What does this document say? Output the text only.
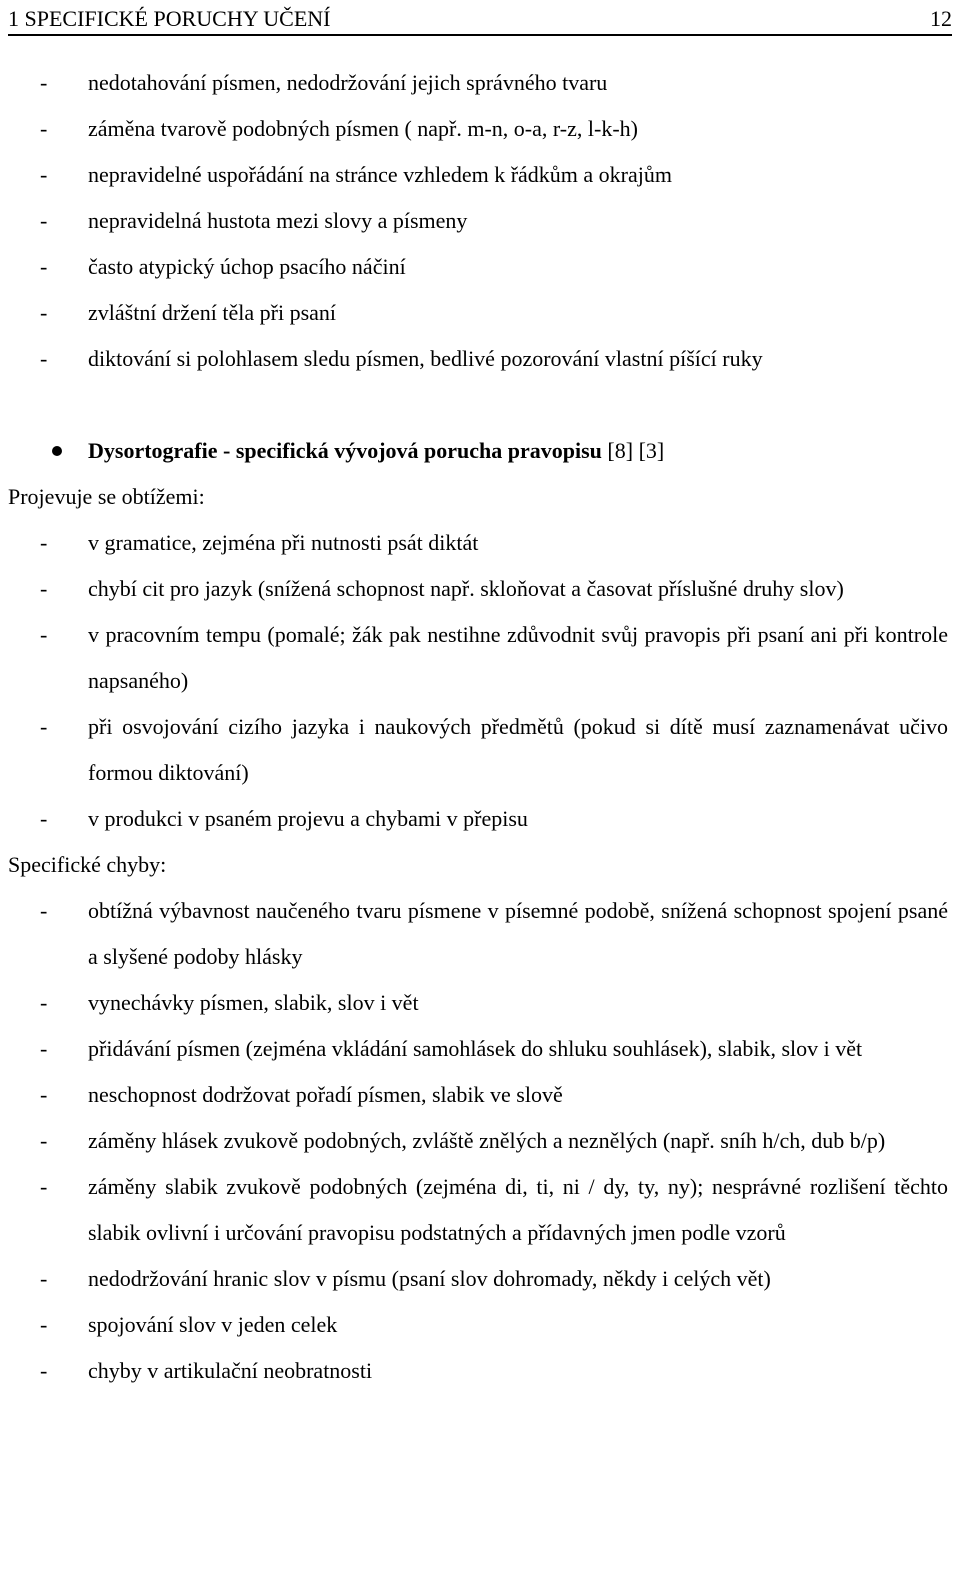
1 SPECIFICKÉ PORUCHY UČENÍ	12
- nedotahování písmen, nedodržování jejich správného tvaru
- záměna tvarově podobných písmen ( např. m-n, o-a, r-z, l-k-h)
- nepravidelné uspořádání na stránce vzhledem k řádkům a okrajům
- nepravidelná hustota mezi slovy a písmeny
- často atypický úchop psacího náčiní
- zvláštní držení těla při psaní
- diktování si polohlasem sledu písmen, bedlivé pozorování vlastní píšící ruky
Dysortografie - specifická vývojová porucha pravopisu [8] [3]
Projevuje se obtížemi:
- v gramatice, zejména při nutnosti psát diktát
- chybí cit pro jazyk (snížená schopnost např. skloňovat a časovat příslušné druhy slov)
- v pracovním tempu (pomalé; žák pak nestihne zdůvodnit svůj pravopis při psaní ani při kontrole napsaného)
- při osvojování cizího jazyka i naukových předmětů (pokud si dítě musí zaznamenávat učivo formou diktování)
- v produkci v psaném projevu a chybami v přepisu
Specifické chyby:
- obtížná výbavnost naučeného tvaru písmene v písemné podobě, snížená schopnost spojení psané a slyšené podoby hlásky
- vynechávky písmen, slabik, slov i vět
- přidávání písmen (zejména vkládání samohlásek do shluku souhlásek), slabik, slov i vět
- neschopnost dodržovat pořadí písmen, slabik ve slově
- záměny hlásek zvukově podobných, zvláště znělých a neznělých (např. sníh h/ch, dub b/p)
- záměny slabik zvukově podobných (zejména di, ti, ni / dy, ty, ny); nesprávné rozlišení těchto slabik ovlivní i určování pravopisu podstatných a přídavných jmen podle vzorů
- nedodržování hranic slov v písmu (psaní slov dohromady, někdy i celých vět)
- spojování slov v jeden celek
- chyby v artikulační neobratnosti
